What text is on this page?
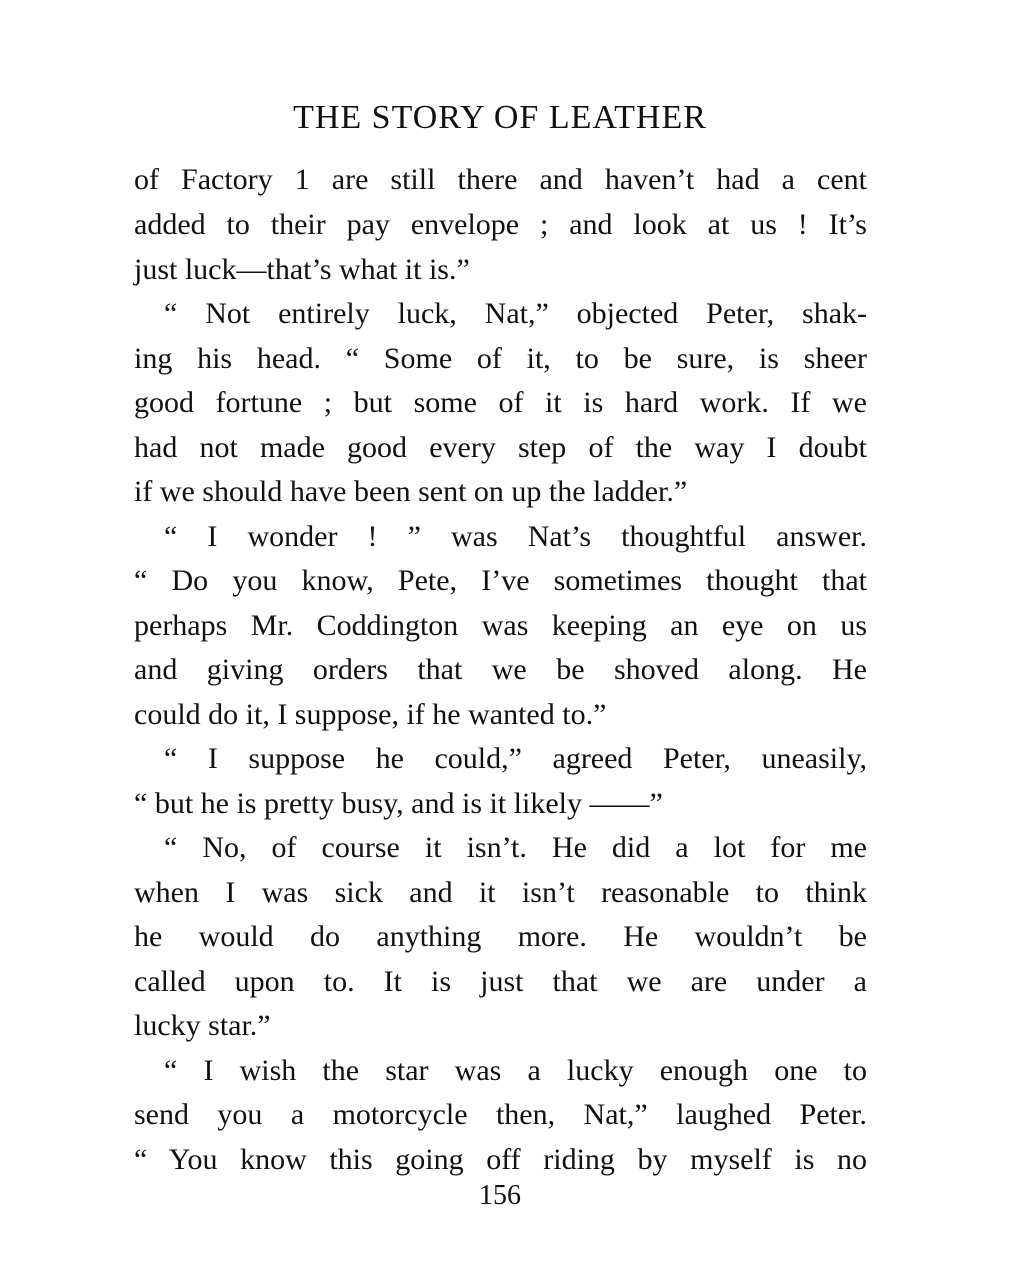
THE STORY OF LEATHER
of Factory 1 are still there and haven’t had a cent
added to their pay envelope ; and look at us ! It’s
just luck—that’s what it is.”
“ Not entirely luck, Nat,” objected Peter, shak-
ing his head. “ Some of it, to be sure, is sheer
good fortune ; but some of it is hard work. If we
had not made good every step of the way I doubt
if we should have been sent on up the ladder.”
“ I wonder ! ” was Nat’s thoughtful answer.
“ Do you know, Pete, I’ve sometimes thought that
perhaps Mr. Coddington was keeping an eye on us
and giving orders that we be shoved along. He
could do it, I suppose, if he wanted to.”
“ I suppose he could,” agreed Peter, uneasily,
“ but he is pretty busy, and is it likely ——”
“ No, of course it isn’t. He did a lot for me
when I was sick and it isn’t reasonable to think
he would do anything more. He wouldn’t be
called upon to. It is just that we are under a
lucky star.”
“ I wish the star was a lucky enough one to
send you a motorcycle then, Nat,” laughed Peter.
“ You know this going off riding by myself is no
156
